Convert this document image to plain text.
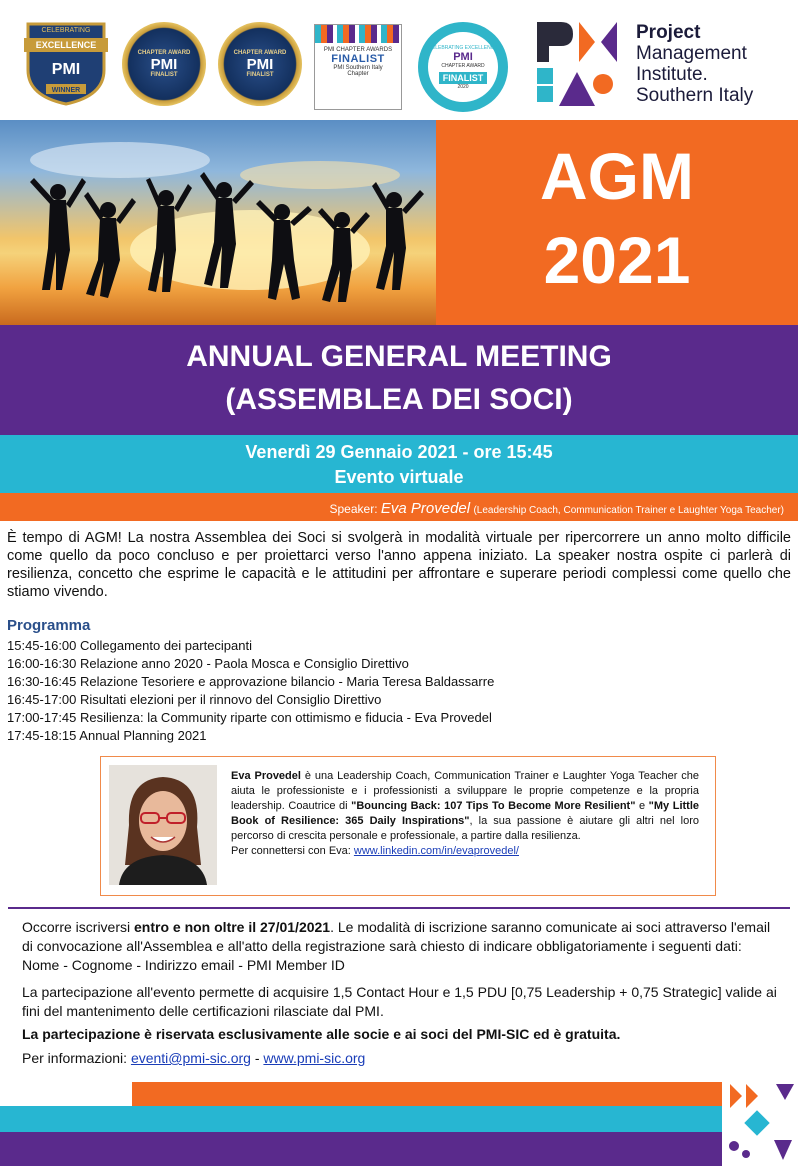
CELEBRATING
EXCELLENCE
PMI
WINNER
CHAPTER AWARD
PMI
FINALIST
CHAPTER AWARD
PMI
FINALIST
PMI CHAPTER AWARDS
FINALIST
PMI Southern Italy
Chapter
CELEBRATING EXCELLENCE
PMI
CHAPTER AWARD
FINALIST
2020
Project
Management
Institute.
Southern Italy
AGM
2021
ANNUAL GENERAL MEETING
(ASSEMBLEA DEI SOCI)
Venerdì 29 Gennaio 2021 - ore 15:45
Evento virtuale
Speaker: Eva Provedel (Leadership Coach, Communication Trainer e Laughter Yoga Teacher)
È tempo di AGM! La nostra Assemblea dei Soci si svolgerà in modalità virtuale per ripercorrere un anno molto difficile come quello da poco concluso e per proiettarci verso l'anno appena iniziato. La speaker nostra ospite ci parlerà di resilienza, concetto che esprime le capacità e le attitudini per affrontare e superare periodi complessi come quello che stiamo vivendo.
Programma
15:45-16:00 Collegamento dei partecipanti
16:00-16:30 Relazione anno 2020 - Paola Mosca e Consiglio Direttivo
16:30-16:45 Relazione Tesoriere e approvazione bilancio - Maria Teresa Baldassarre
16:45-17:00 Risultati elezioni per il rinnovo del Consiglio Direttivo
17:00-17:45 Resilienza: la Community riparte con ottimismo e fiducia - Eva Provedel
17:45-18:15 Annual Planning 2021
Eva Provedel è una Leadership Coach, Communication Trainer e Laughter Yoga Teacher che aiuta le professioniste e i professionisti a sviluppare le proprie competenze e la propria leadership. Coautrice di "Bouncing Back: 107 Tips To Become More Resilient" e "My Little Book of Resilience: 365 Daily Inspirations", la sua passione è aiutare gli altri nel loro percorso di crescita personale e professionale, a partire dalla resilienza.
Per connettersi con Eva: www.linkedin.com/in/evaprovedel/
Occorre iscriversi entro e non oltre il 27/01/2021. Le modalità di iscrizione saranno comunicate ai soci attraverso l'email di convocazione all'Assemblea e all'atto della registrazione sarà chiesto di indicare obbligatoriamente i seguenti dati: Nome - Cognome - Indirizzo email - PMI Member ID
La partecipazione all'evento permette di acquisire 1,5 Contact Hour e 1,5 PDU [0,75 Leadership + 0,75 Strategic] valide ai fini del mantenimento delle certificazioni rilasciate dal PMI.
La partecipazione è riservata esclusivamente alle socie e ai soci del PMI-SIC ed è gratuita.
Per informazioni: eventi@pmi-sic.org - www.pmi-sic.org
